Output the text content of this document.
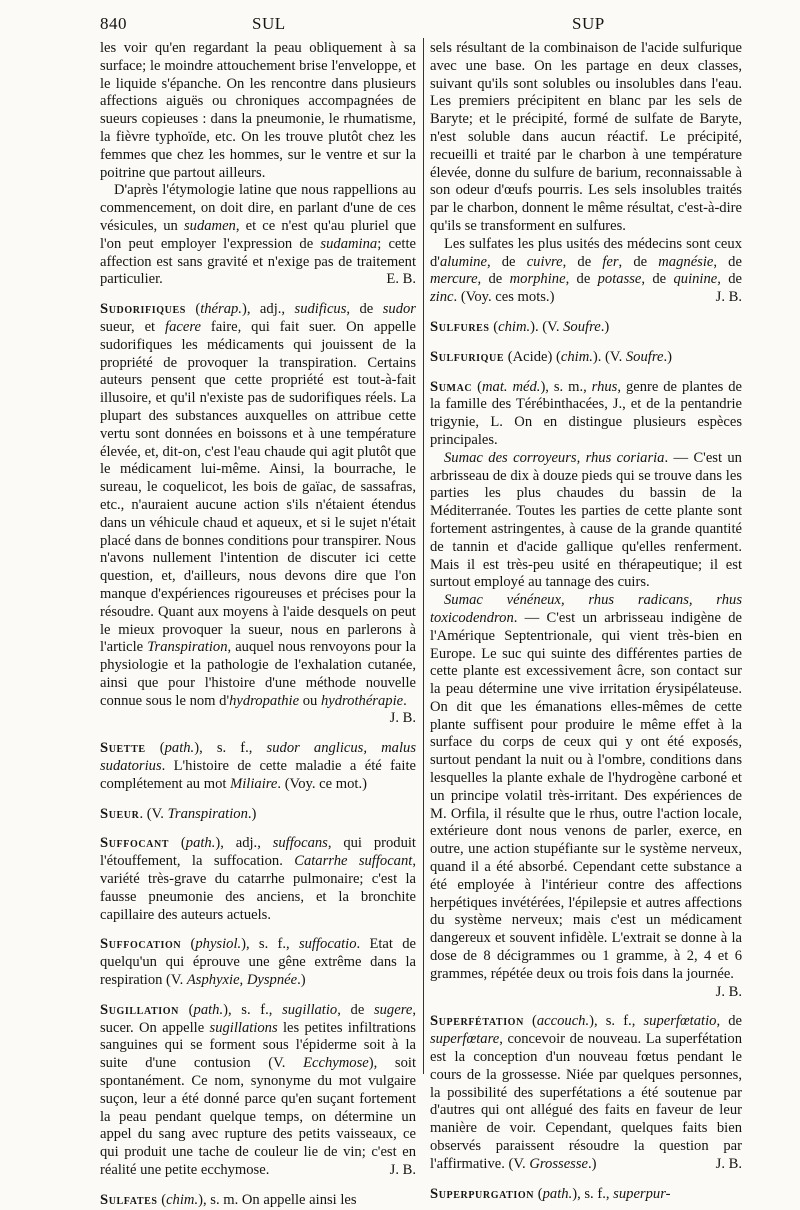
840	SUL	SUP

les voir qu'en regardant la peau obliquement à sa surface; le moindre attouchement brise l'enveloppe, et le liquide s'épanche. On les rencontre dans plusieurs affections aiguës ou chroniques accompagnées de sueurs copieuses : dans la pneumonie, le rhumatisme, la fièvre typhoïde, etc. On les trouve plutôt chez les femmes que chez les hommes, sur le ventre et sur la poitrine que partout ailleurs.

D'après l'étymologie latine que nous rappellions au commencement, on doit dire, en parlant d'une de ces vésicules, un sudamen, et ce n'est qu'au pluriel que l'on peut employer l'expression de sudamina; cette affection est sans gravité et n'exige pas de traitement particulier.	E. B.

Sudorifiques (thérap.), adj., sudificus, de sudor sueur, et facere faire, qui fait suer. On appelle sudorifiques les médicaments qui jouissent de la propriété de provoquer la transpiration. Certains auteurs pensent que cette propriété est tout-à-fait illusoire, et qu'il n'existe pas de sudorifiques réels. La plupart des substances auxquelles on attribue cette vertu sont données en boissons et à une température élevée, et, dit-on, c'est l'eau chaude qui agit plutôt que le médicament lui-même. Ainsi, la bourrache, le sureau, le coquelicot, les bois de gaïac, de sassafras, etc., n'auraient aucune action s'ils n'étaient étendus dans un véhicule chaud et aqueux, et si le sujet n'était placé dans de bonnes conditions pour transpirer. Nous n'avons nullement l'intention de discuter ici cette question, et, d'ailleurs, nous devons dire que l'on manque d'expériences rigoureuses et précises pour la résoudre. Quant aux moyens à l'aide desquels on peut le mieux provoquer la sueur, nous en parlerons à l'article Transpiration, auquel nous renvoyons pour la physiologie et la pathologie de l'exhalation cutanée, ainsi que pour l'histoire d'une méthode nouvelle connue sous le nom d'hydropathie ou hydrothérapie.
J. B.

Suette (path.), s. f., sudor anglicus, malus sudatorius. L'histoire de cette maladie a été faite complétement au mot Miliaire. (Voy. ce mot.)

Sueur. (V. Transpiration.)

Suffocant (path.), adj., suffocans, qui produit l'étouffement, la suffocation. Catarrhe suffocant, variété très-grave du catarrhe pulmonaire; c'est la fausse pneumonie des anciens, et la bronchite capillaire des auteurs actuels.

Suffocation (physiol.), s. f., suffocatio. Etat de quelqu'un qui éprouve une gêne extrême dans la respiration (V. Asphyxie, Dyspnée.)

Sugillation (path.), s. f., sugillatio, de sugere, sucer. On appelle sugillations les petites infiltrations sanguines qui se forment sous l'épiderme soit à la suite d'une contusion (V. Ecchymose), soit spontanément. Ce nom, synonyme du mot vulgaire suçon, leur a été donné parce qu'en suçant fortement la peau pendant quelque temps, on détermine un appel du sang avec rupture des petits vaisseaux, ce qui produit une tache de couleur lie de vin; c'est en réalité une petite ecchymose.	J. B.

Sulfates (chim.), s. m. On appelle ainsi les

sels résultant de la combinaison de l'acide sulfurique avec une base. On les partage en deux classes, suivant qu'ils sont solubles ou insolubles dans l'eau. Les premiers précipitent en blanc par les sels de Baryte; et le précipité, formé de sulfate de Baryte, n'est soluble dans aucun réactif. Le précipité, recueilli et traité par le charbon à une température élevée, donne du sulfure de barium, reconnaissable à son odeur d'œufs pourris. Les sels insolubles traités par le charbon, donnent le même résultat, c'est-à-dire qu'ils se transforment en sulfures.

Les sulfates les plus usités des médecins sont ceux d'alumine, de cuivre, de fer, de magnésie, de mercure, de morphine, de potasse, de quinine, de zinc. (Voy. ces mots.)	J. B.

Sulfures (chim.). (V. Soufre.)

Sulfurique (Acide) (chim.). (V. Soufre.)

Sumac (mat. méd.), s. m., rhus, genre de plantes de la famille des Térébinthacées, J., et de la pentandrie trigynie, L. On en distingue plusieurs espèces principales.

Sumac des corroyeurs, rhus coriaria. — C'est un arbrisseau de dix à douze pieds qui se trouve dans les parties les plus chaudes du bassin de la Méditerranée. Toutes les parties de cette plante sont fortement astringentes, à cause de la grande quantité de tannin et d'acide gallique qu'elles renferment. Mais il est très-peu usité en thérapeutique; il est surtout employé au tannage des cuirs.

Sumac vénéneux, rhus radicans, rhus toxicodendron. — C'est un arbrisseau indigène de l'Amérique Septentrionale, qui vient très-bien en Europe. Le suc qui suinte des différentes parties de cette plante est excessivement âcre, son contact sur la peau détermine une vive irritation érysipélateuse. On dit que les émanations elles-mêmes de cette plante suffisent pour produire le même effet à la surface du corps de ceux qui y ont été exposés, surtout pendant la nuit ou à l'ombre, conditions dans lesquelles la plante exhale de l'hydrogène carboné et un principe volatil très-irritant. Des expériences de M. Orfila, il résulte que le rhus, outre l'action locale, extérieure dont nous venons de parler, exerce, en outre, une action stupéfiante sur le système nerveux, quand il a été absorbé. Cependant cette substance a été employée à l'intérieur contre des affections herpétiques invétérées, l'épilepsie et autres affections du système nerveux; mais c'est un médicament dangereux et souvent infidèle. L'extrait se donne à la dose de 8 décigrammes ou 1 gramme, à 2, 4 et 6 grammes, répétée deux ou trois fois dans la journée.
J. B.

Superfétation (accouch.), s. f., superfœtatio, de superfœtare, concevoir de nouveau. La superfétation est la conception d'un nouveau fœtus pendant le cours de la grossesse. Niée par quelques personnes, la possibilité des superfétations a été soutenue par d'autres qui ont allégué des faits en faveur de leur manière de voir. Cependant, quelques faits bien observés paraissent résoudre la question par l'affirmative. (V. Grossesse.)	J. B.

Superpurgation (path.), s. f., superpur-
